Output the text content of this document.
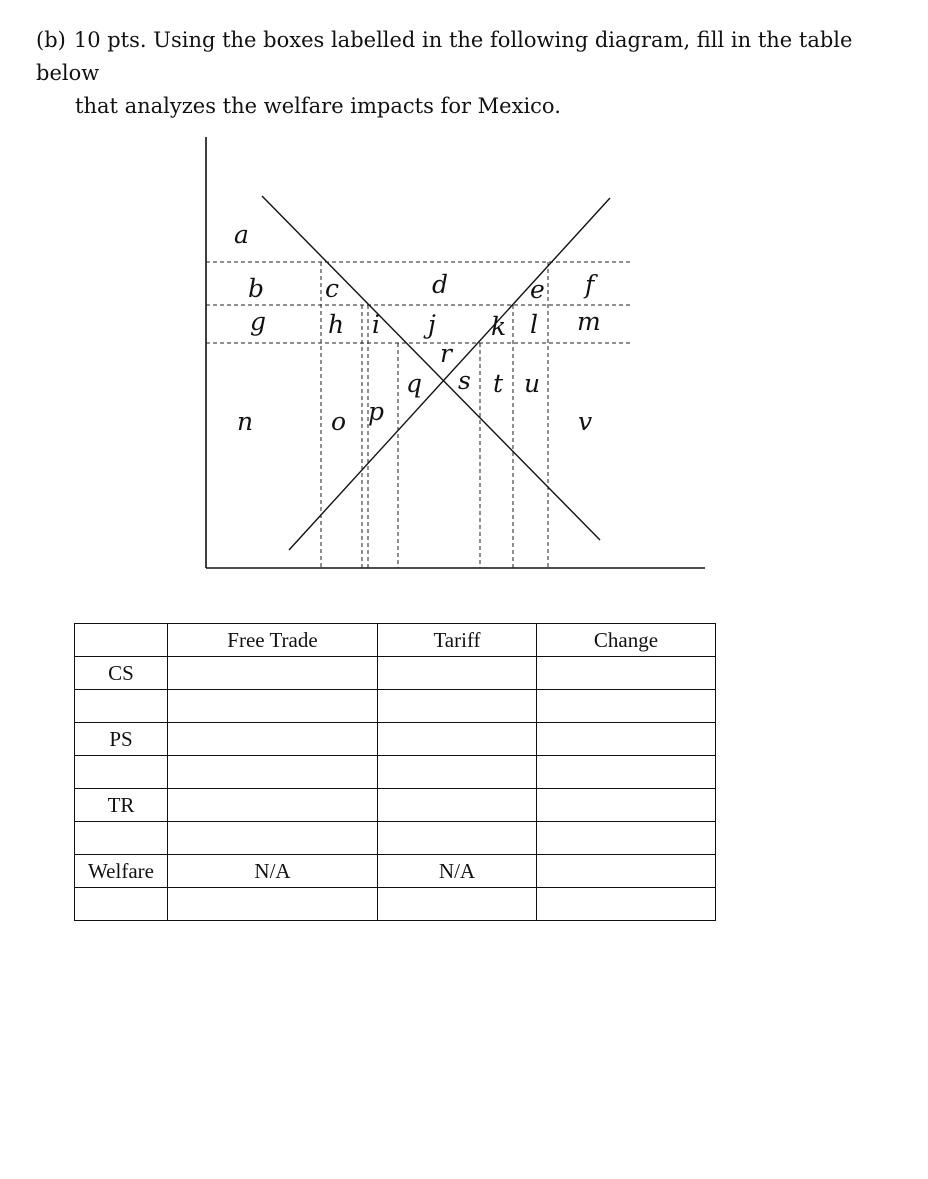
(b) 10 pts. Using the boxes labelled in the following diagram, fill in the table below
that analyzes the welfare impacts for Mexico.
a
b c	d	e f
g h i j k l m
r
q s t u
n	o p	v
	Free Trade	Tariff	Change
CS			

PS			

TR			

Welfare	N/A	N/A	
